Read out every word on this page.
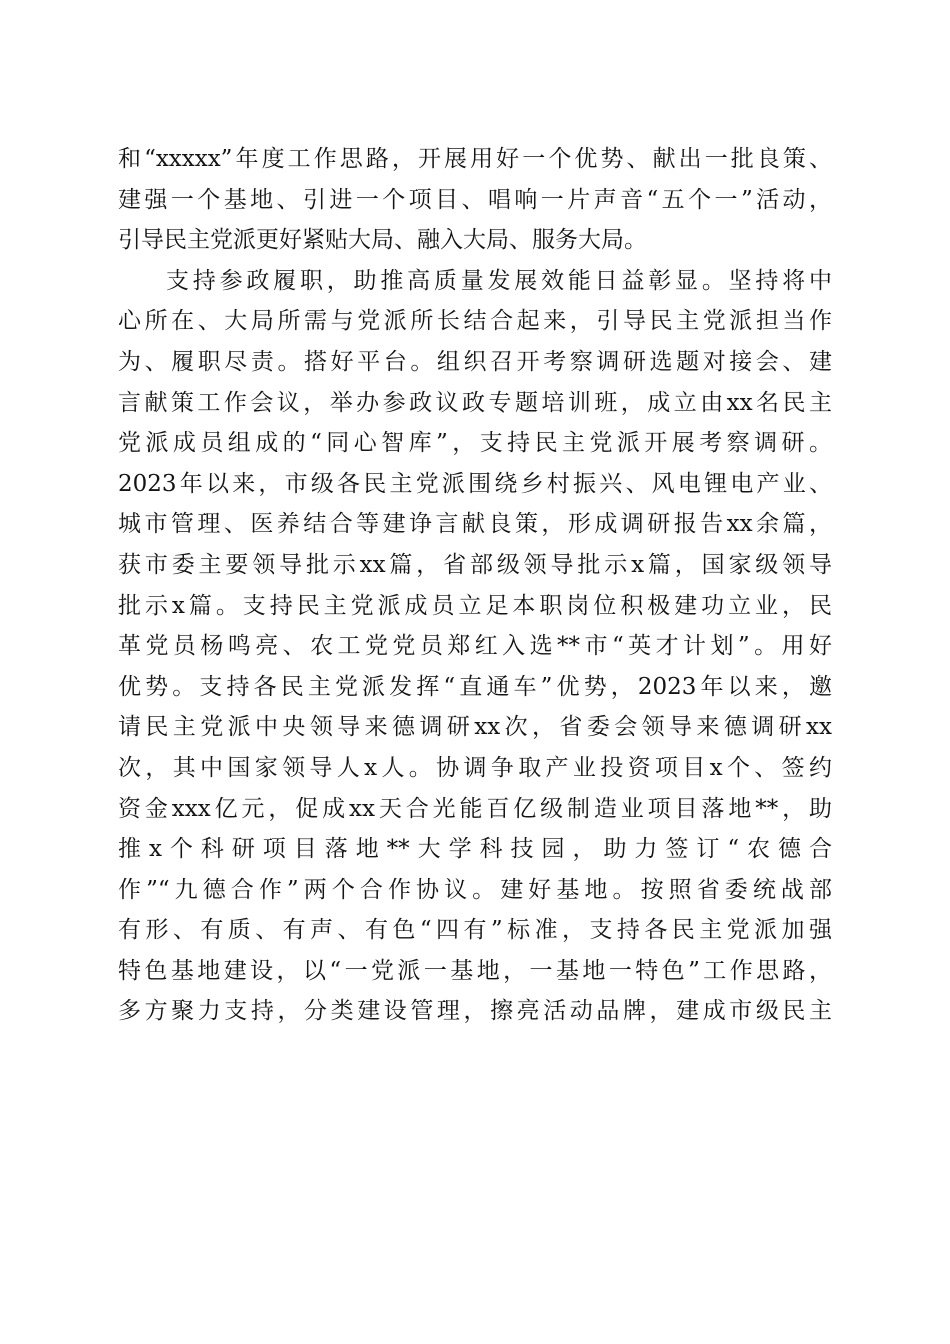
和“xxxxx”年度工作思路，开展用好一个优势、献出一批良策、
建强一个基地、引进一个项目、唱响一片声音“五个一”活动，
引导民主党派更好紧贴大局、融入大局、服务大局。
支持参政履职，助推高质量发展效能日益彰显。坚持将中
心所在、大局所需与党派所长结合起来，引导民主党派担当作
为、履职尽责。搭好平台。组织召开考察调研选题对接会、建
言献策工作会议，举办参政议政专题培训班，成立由xx名民主
党派成员组成的“同心智库”，支持民主党派开展考察调研。
2023年以来，市级各民主党派围绕乡村振兴、风电锂电产业、
城市管理、医养结合等建诤言献良策，形成调研报告xx余篇，
获市委主要领导批示xx篇，省部级领导批示x篇，国家级领导
批示x篇。支持民主党派成员立足本职岗位积极建功立业，民
革党员杨鸣亮、农工党党员郑红入选**市“英才计划”。用好
优势。支持各民主党派发挥“直通车”优势，2023年以来，邀
请民主党派中央领导来德调研xx次，省委会领导来德调研xx
次，其中国家领导人x人。协调争取产业投资项目x个、签约
资金xxx亿元，促成xx天合光能百亿级制造业项目落地**，助
推x个科研项目落地**大学科技园，助力签订“农德合
作”“九德合作”两个合作协议。建好基地。按照省委统战部
有形、有质、有声、有色“四有”标准，支持各民主党派加强
特色基地建设，以“一党派一基地，一基地一特色”工作思路，
多方聚力支持，分类建设管理，擦亮活动品牌，建成市级民主
